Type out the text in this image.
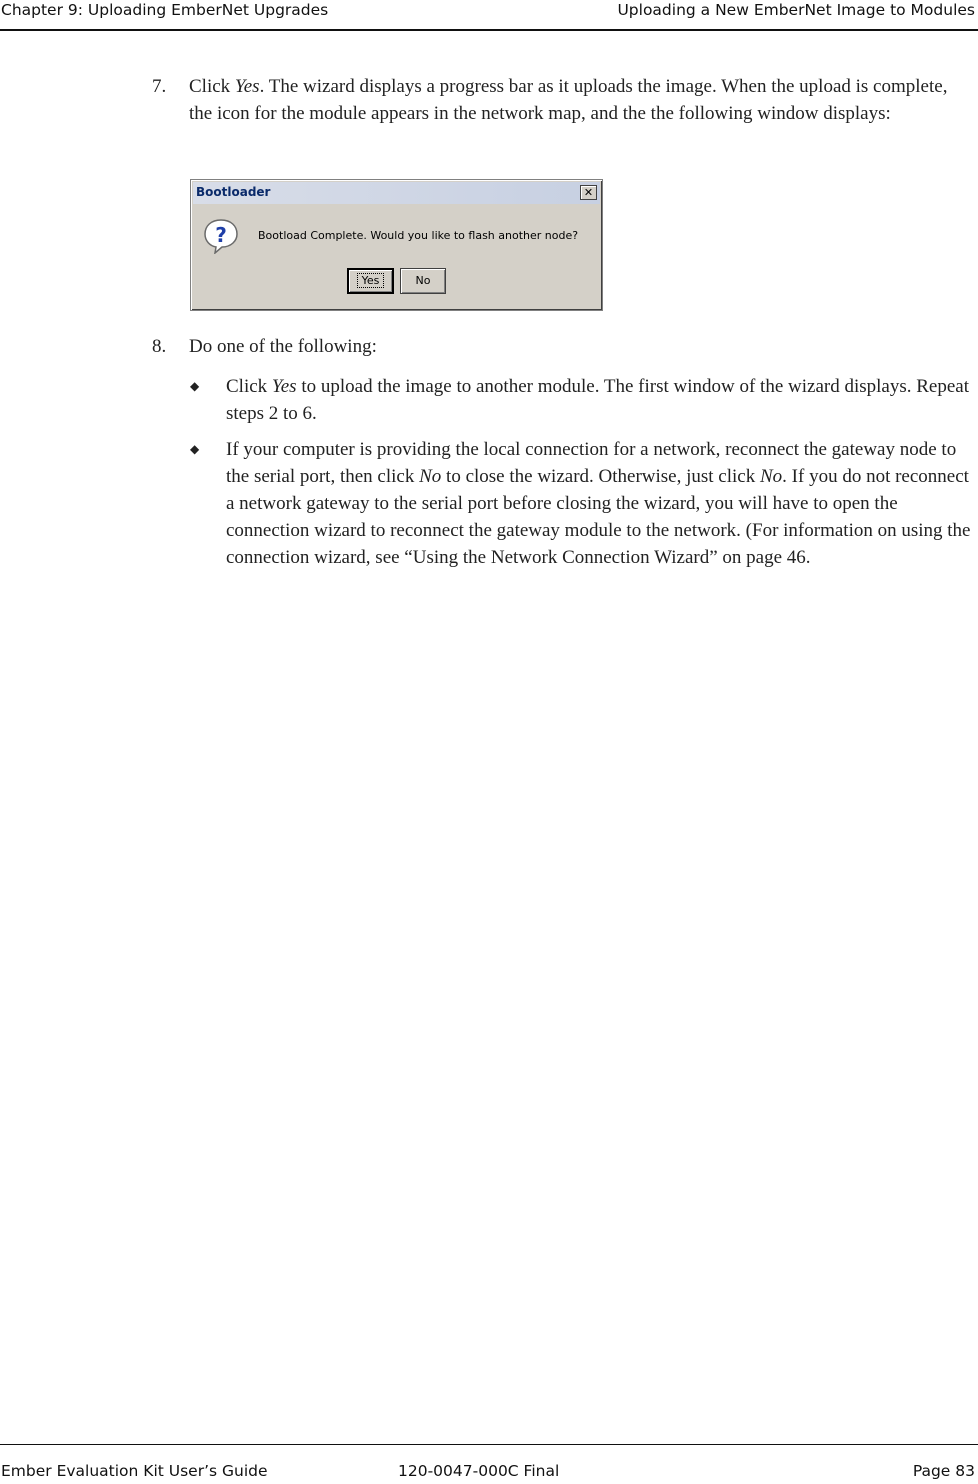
Chapter 9: Uploading EmberNet Upgrades	Uploading a New EmberNet Image to Modules
7. Click Yes. The wizard displays a progress bar as it uploads the image. When the upload is complete, the icon for the module appears in the network map, and the the following window displays:
Bootloader	✕
?	Bootload Complete. Would you like to flash another node?
Yes	No
8. Do one of the following:
◆ Click Yes to upload the image to another module. The first window of the wizard displays. Repeat steps 2 to 6.
◆ If your computer is providing the local connection for a network, reconnect the gateway node to the serial port, then click No to close the wizard. Otherwise, just click No. If you do not reconnect a network gateway to the serial port before closing the wizard, you will have to open the connection wizard to reconnect the gateway module to the network. (For information on using the connection wizard, see “Using the Network Connection Wizard” on page 46.
Ember Evaluation Kit User’s Guide	120-0047-000C Final	Page 83
